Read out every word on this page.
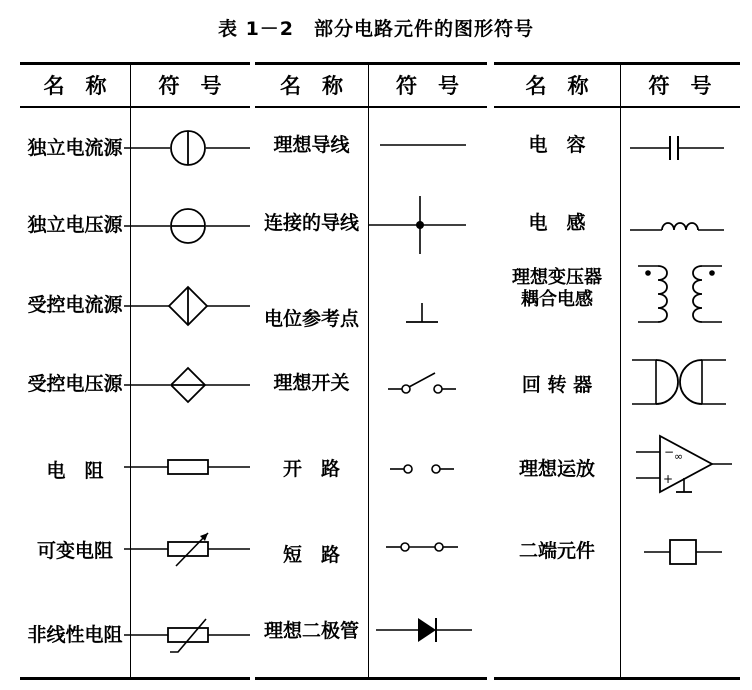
表 1－2　部分电路元件的图形符号
名　称	符　号
独立电流源
独立电压源
受控电流源
受控电压源
电　阻
可变电阻
非线性电阻
名　称	符　号
理想导线
连接的导线
电位参考点
理想开关
开　路
短　路
理想二极管
名　称	符　号
电　容
电　感
理想变压器
耦合电感
回 转 器
理想运放
二端元件
∞
−
+
